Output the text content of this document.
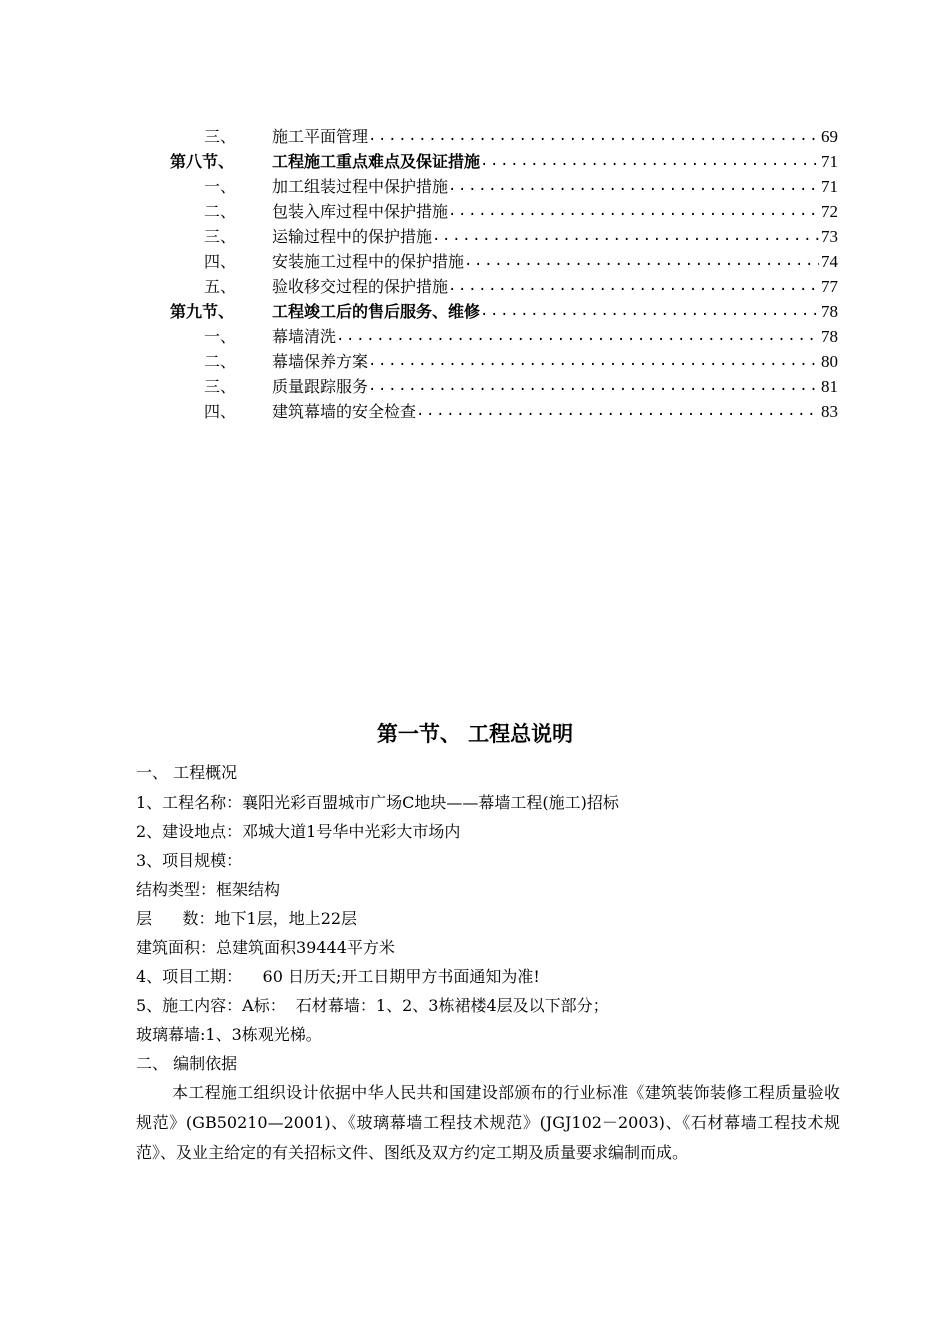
三、 施工平面管理 .....	69
第八节、 工程施工重点难点及保证措施 .....	71
一、 加工组装过程中保护措施 .....	71
二、 包装入库过程中保护措施 .....	72
三、 运输过程中的保护措施 .....	73
四、 安装施工过程中的保护措施 .....	74
五、 验收移交过程的保护措施 .....	77
第九节、 工程竣工后的售后服务、维修 .....	78
一、 幕墙清洗 .....	78
二、 幕墙保养方案 .....	80
三、 质量跟踪服务 .....	81
四、 建筑幕墙的安全检查 .....	83
第一节、 工程总说明
一、 工程概况
1、工程名称：襄阳光彩百盟城市广场C地块——幕墙工程(施工)招标
2、建设地点：邓城大道1号华中光彩大市场内
3、项目规模：
结构类型：框架结构
层      数：地下1层，地上22层
建筑面积：总建筑面积39444平方米
4、项目工期：    60 日历天;开工日期甲方书面通知为准!
5、施工内容：A标：  石材幕墙：1、2、3栋裙楼4层及以下部分；
玻璃幕墙:1、3栋观光梯。
二、 编制依据
本工程施工组织设计依据中华人民共和国建设部颁布的行业标准《建筑装饰装修工程质量验收规范》(GB50210—2001)、《玻璃幕墙工程技术规范》(JGJ102－2003)、《石材幕墙工程技术规范》、及业主给定的有关招标文件、图纸及双方约定工期及质量要求编制而成。
